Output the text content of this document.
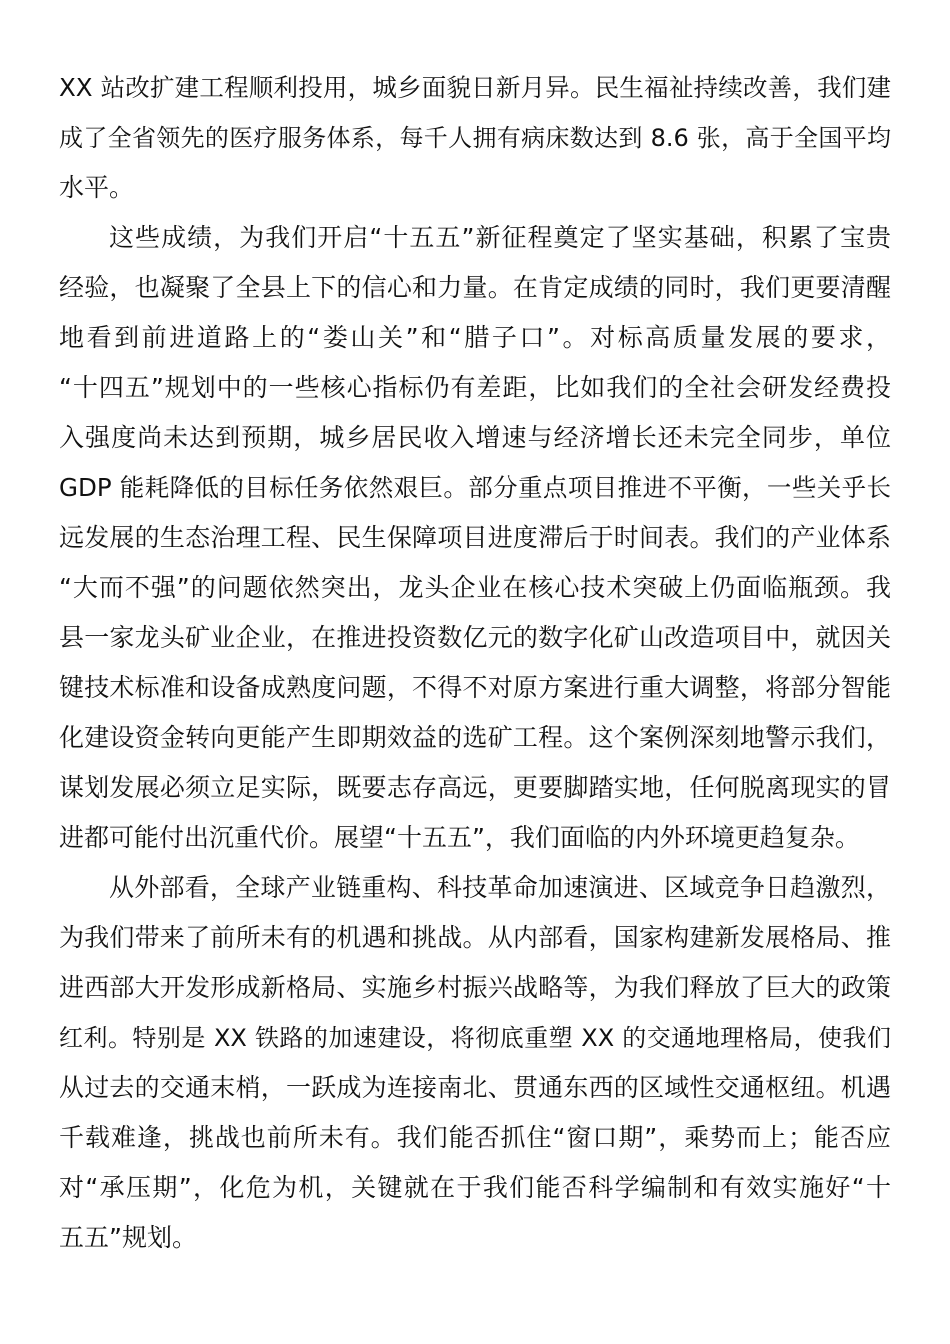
XX 站改扩建工程顺利投用，城乡面貌日新月异。民生福祉持续改善，我们建
成了全省领先的医疗服务体系，每千人拥有病床数达到 8.6 张，高于全国平均
水平。
这些成绩，为我们开启“十五五”新征程奠定了坚实基础，积累了宝贵
经验，也凝聚了全县上下的信心和力量。在肯定成绩的同时，我们更要清醒
地看到前进道路上的“娄山关”和“腊子口”。对标高质量发展的要求，
“十四五”规划中的一些核心指标仍有差距，比如我们的全社会研发经费投
入强度尚未达到预期，城乡居民收入增速与经济增长还未完全同步，单位
GDP 能耗降低的目标任务依然艰巨。部分重点项目推进不平衡，一些关乎长
远发展的生态治理工程、民生保障项目进度滞后于时间表。我们的产业体系
“大而不强”的问题依然突出，龙头企业在核心技术突破上仍面临瓶颈。我
县一家龙头矿业企业，在推进投资数亿元的数字化矿山改造项目中，就因关
键技术标准和设备成熟度问题，不得不对原方案进行重大调整，将部分智能
化建设资金转向更能产生即期效益的选矿工程。这个案例深刻地警示我们，
谋划发展必须立足实际，既要志存高远，更要脚踏实地，任何脱离现实的冒
进都可能付出沉重代价。展望“十五五”，我们面临的内外环境更趋复杂。
从外部看，全球产业链重构、科技革命加速演进、区域竞争日趋激烈，
为我们带来了前所未有的机遇和挑战。从内部看，国家构建新发展格局、推
进西部大开发形成新格局、实施乡村振兴战略等，为我们释放了巨大的政策
红利。特别是 XX 铁路的加速建设，将彻底重塑 XX 的交通地理格局，使我们
从过去的交通末梢，一跃成为连接南北、贯通东西的区域性交通枢纽。机遇
千载难逢，挑战也前所未有。我们能否抓住“窗口期”，乘势而上；能否应
对“承压期”，化危为机，关键就在于我们能否科学编制和有效实施好“十
五五”规划。
